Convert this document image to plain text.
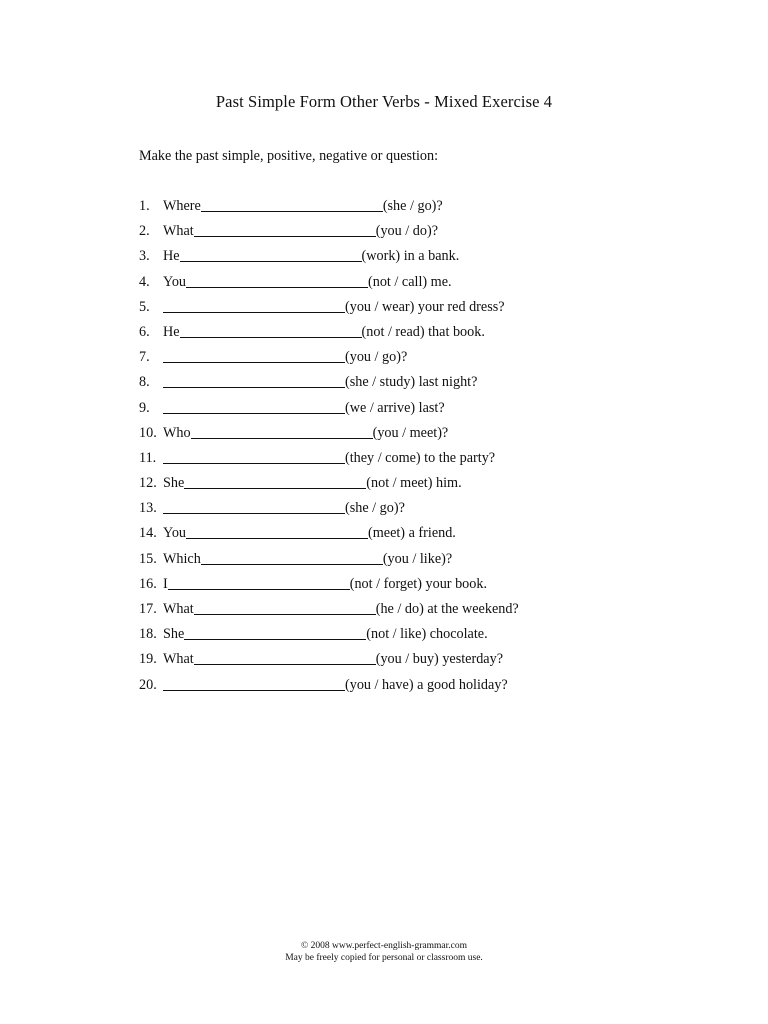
Past Simple Form Other Verbs - Mixed Exercise 4
Make the past simple, positive, negative or question:
1. Where	(she / go)?
2. What	(you / do)?
3. He	(work) in a bank.
4. You	(not / call) me.
5.	(you / wear) your red dress?
6. He	(not / read) that book.
7.	(you / go)?
8.	(she / study) last night?
9.	(we / arrive) last?
10. Who	(you / meet)?
11.	(they / come) to the party?
12. She	(not / meet) him.
13.	(she / go)?
14. You	(meet) a friend.
15. Which	(you / like)?
16. I	(not / forget) your book.
17. What	(he / do) at the weekend?
18. She	(not / like) chocolate.
19. What	(you / buy) yesterday?
20.	(you / have) a good holiday?
© 2008 www.perfect-english-grammar.com
May be freely copied for personal or classroom use.
